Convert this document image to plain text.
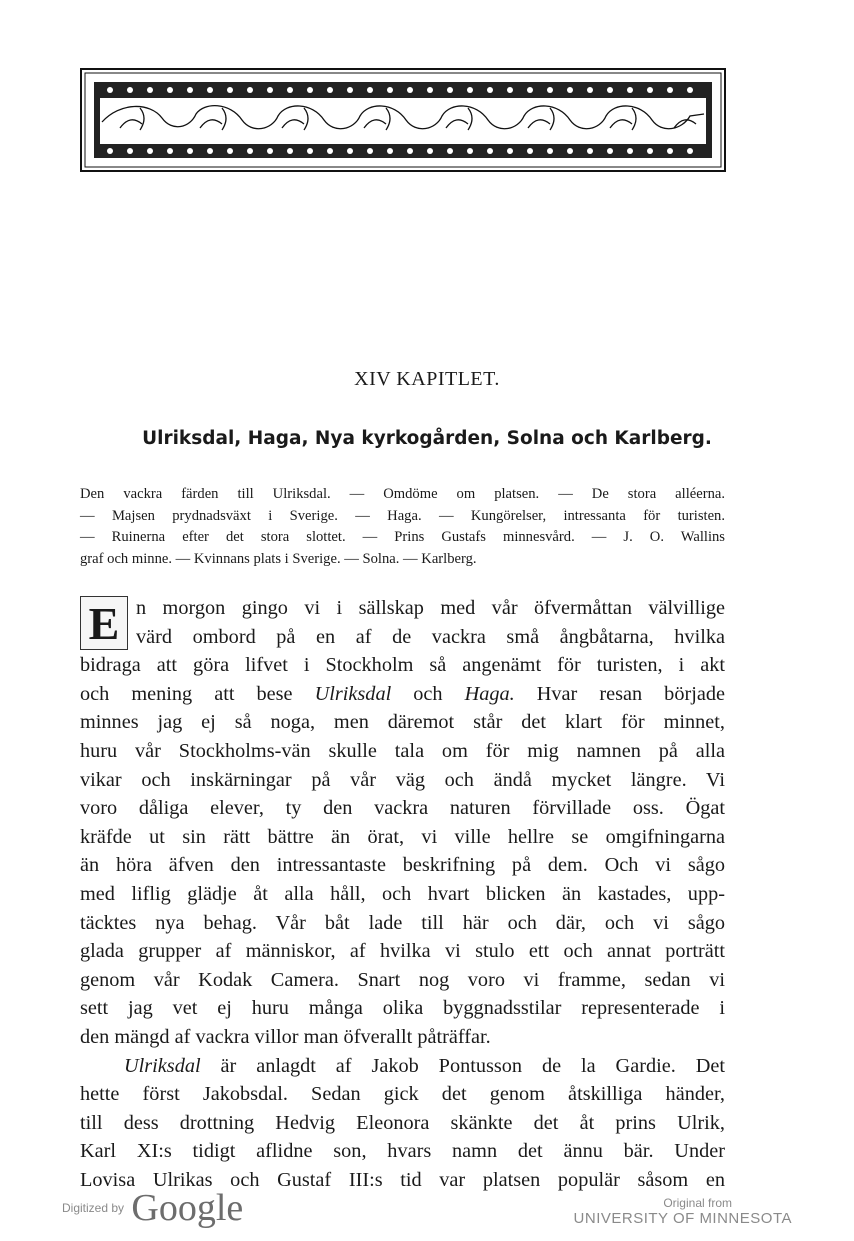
XIV KAPITLET.
Ulriksdal, Haga, Nya kyrkogården, Solna och Karlberg.
Den vackra färden till Ulriksdal. — Omdöme om platsen. — De stora alléerna.
— Majsen prydnadsväxt i Sverige. — Haga. — Kungörelser, intressanta för turisten.
— Ruinerna efter det stora slottet. — Prins Gustafs minnesvård. — J. O. Wallins
graf och minne. — Kvinnans plats i Sverige. — Solna. — Karlberg.
E n morgon gingo vi i sällskap med vår öfvermåttan välvillige
värd ombord på en af de vackra små ångbåtarna, hvilka
bidraga att göra lifvet i Stockholm så angenämt för turisten, i akt
och mening att bese Ulriksdal och Haga. Hvar resan började
minnes jag ej så noga, men däremot står det klart för minnet,
huru vår Stockholms-vän skulle tala om för mig namnen på alla
vikar och inskärningar på vår väg och ändå mycket längre. Vi
voro dåliga elever, ty den vackra naturen förvillade oss. Ögat
kräfde ut sin rätt bättre än örat, vi ville hellre se omgifningarna
än höra äfven den intressantaste beskrifning på dem. Och vi sågo
med liflig glädje åt alla håll, och hvart blicken än kastades, upp-
täcktes nya behag. Vår båt lade till här och där, och vi sågo
glada grupper af människor, af hvilka vi stulo ett och annat porträtt
genom vår Kodak Camera. Snart nog voro vi framme, sedan vi
sett jag vet ej huru många olika byggnadsstilar representerade i
den mängd af vackra villor man öfverallt påträffar.
Ulriksdal är anlagdt af Jakob Pontusson de la Gardie. Det
hette först Jakobsdal. Sedan gick det genom åtskilliga händer,
till dess drottning Hedvig Eleonora skänkte det åt prins Ulrik,
Karl XI:s tidigt aflidne son, hvars namn det ännu bär. Under
Lovisa Ulrikas och Gustaf III:s tid var platsen populär såsom en
Digitized by Google	Original from
UNIVERSITY OF MINNESOTA
